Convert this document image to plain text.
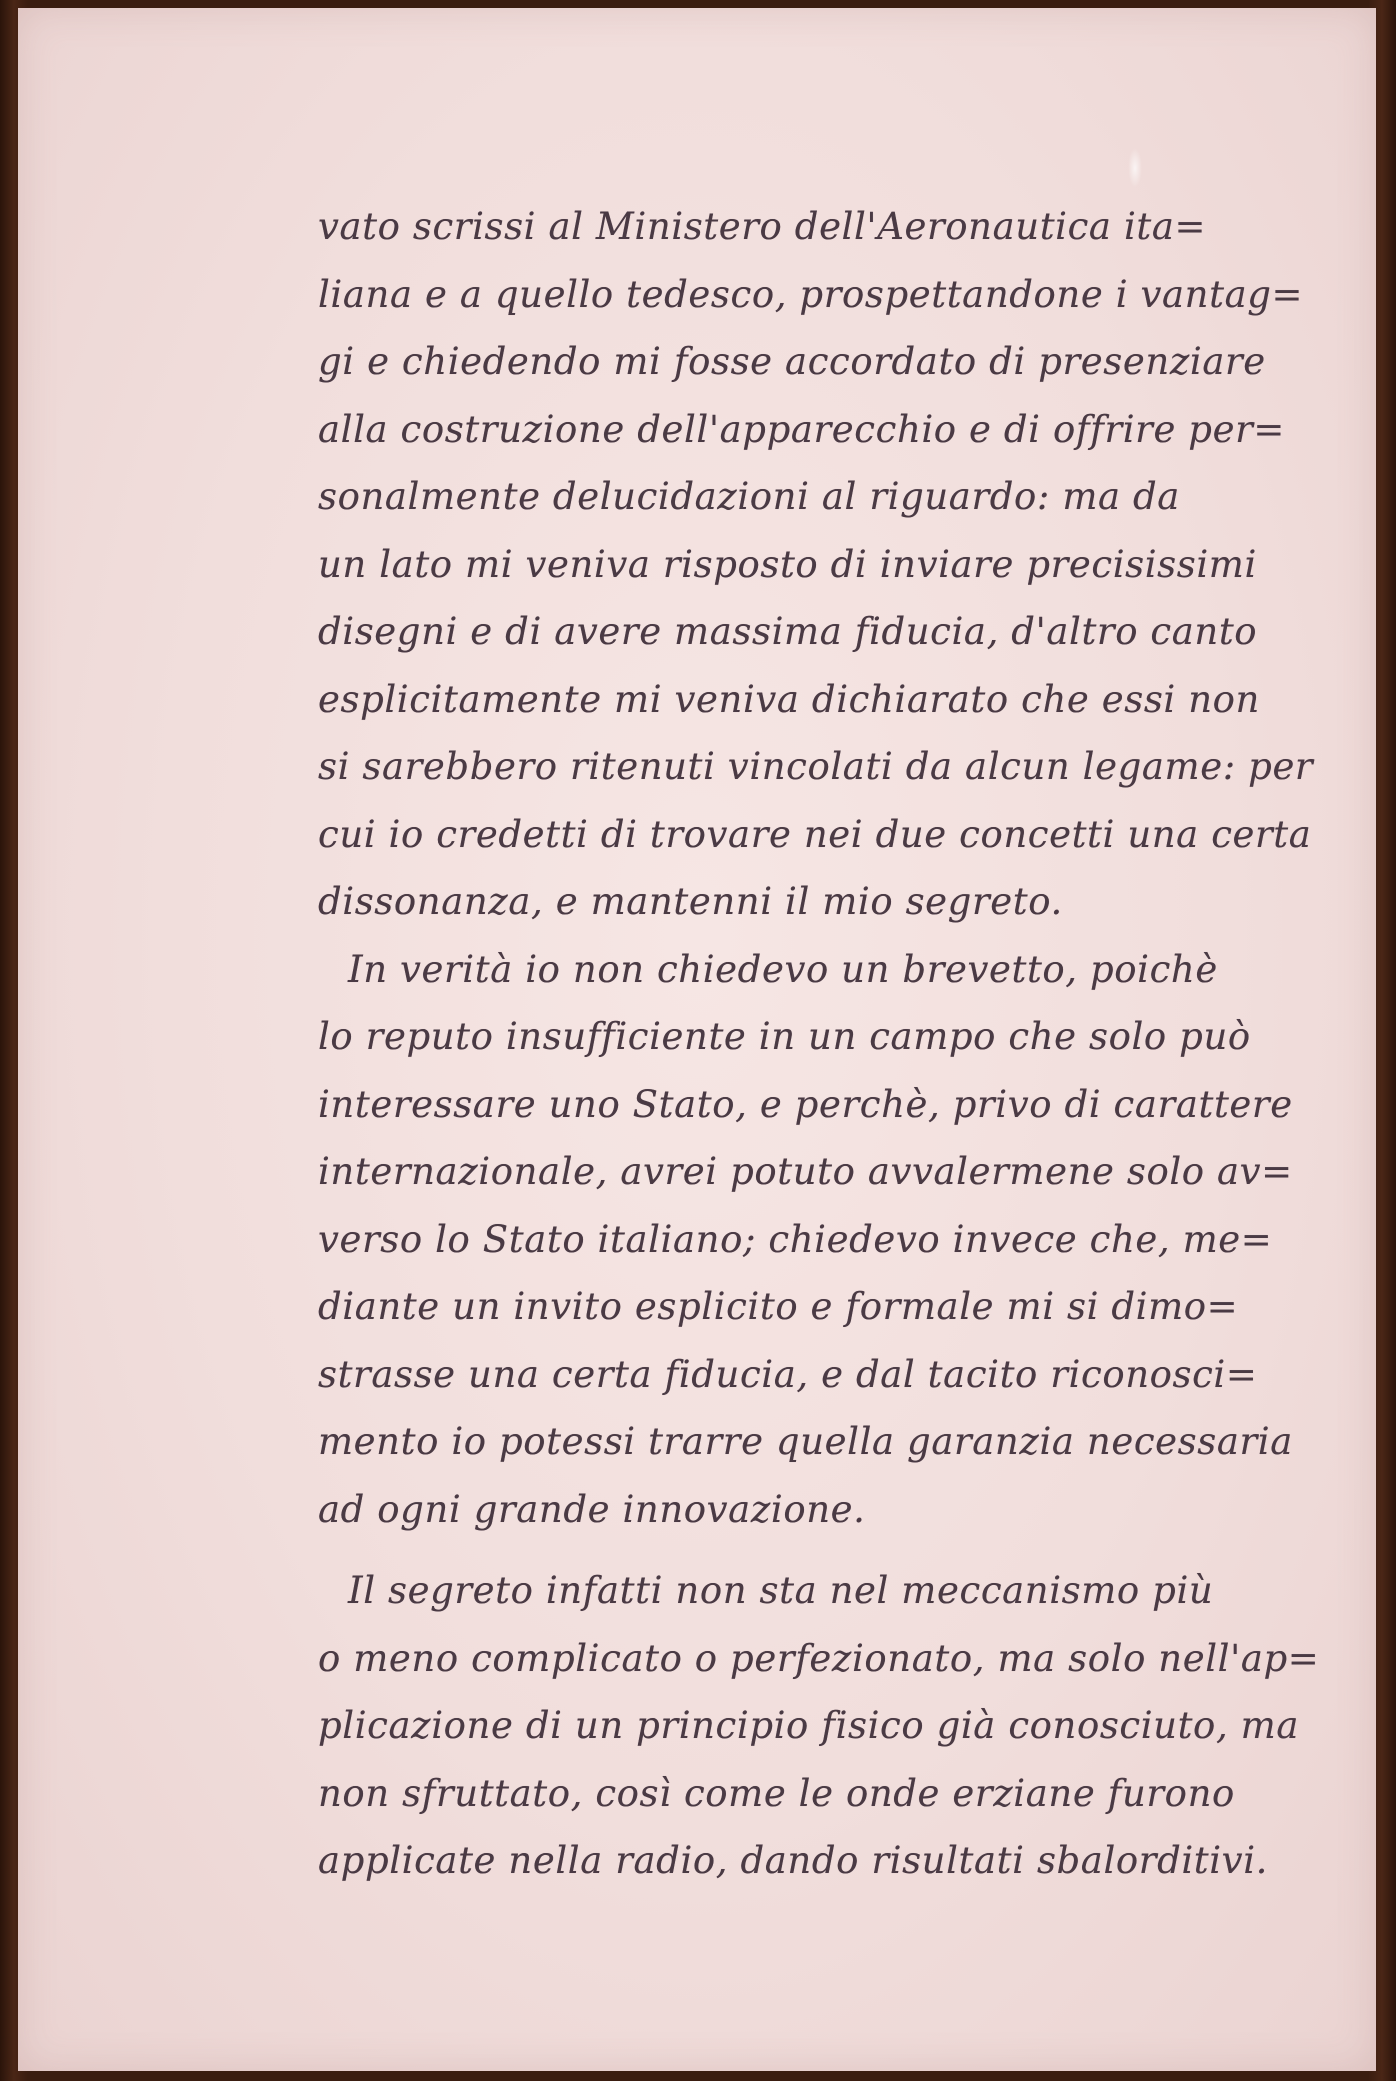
vato scrissi al Ministero dell'Aeronautica ita=
liana e a quello tedesco, prospettandone i vantag=
gi e chiedendo mi fosse accordato di presenziare
alla costruzione dell'apparecchio e di offrire per=
sonalmente delucidazioni al riguardo: ma da
un lato mi veniva risposto di inviare precisissimi
disegni e di avere massima fiducia, d'altro canto
esplicitamente mi veniva dichiarato che essi non
si sarebbero ritenuti vincolati da alcun legame: per
cui io credetti di trovare nei due concetti una certa
dissonanza, e mantenni il mio segreto.
In verità io non chiedevo un brevetto, poichè
lo reputo insufficiente in un campo che solo può
interessare uno Stato, e perchè, privo di carattere
internazionale, avrei potuto avvalermene solo av=
verso lo Stato italiano; chiedevo invece che, me=
diante un invito esplicito e formale mi si dimo=
strasse una certa fiducia, e dal tacito riconosci=
mento io potessi trarre quella garanzia necessaria
ad ogni grande innovazione.
Il segreto infatti non sta nel meccanismo più
o meno complicato o perfezionato, ma solo nell'ap=
plicazione di un principio fisico già conosciuto, ma
non sfruttato, così come le onde erziane furono
applicate nella radio, dando risultati sbalorditivi.
